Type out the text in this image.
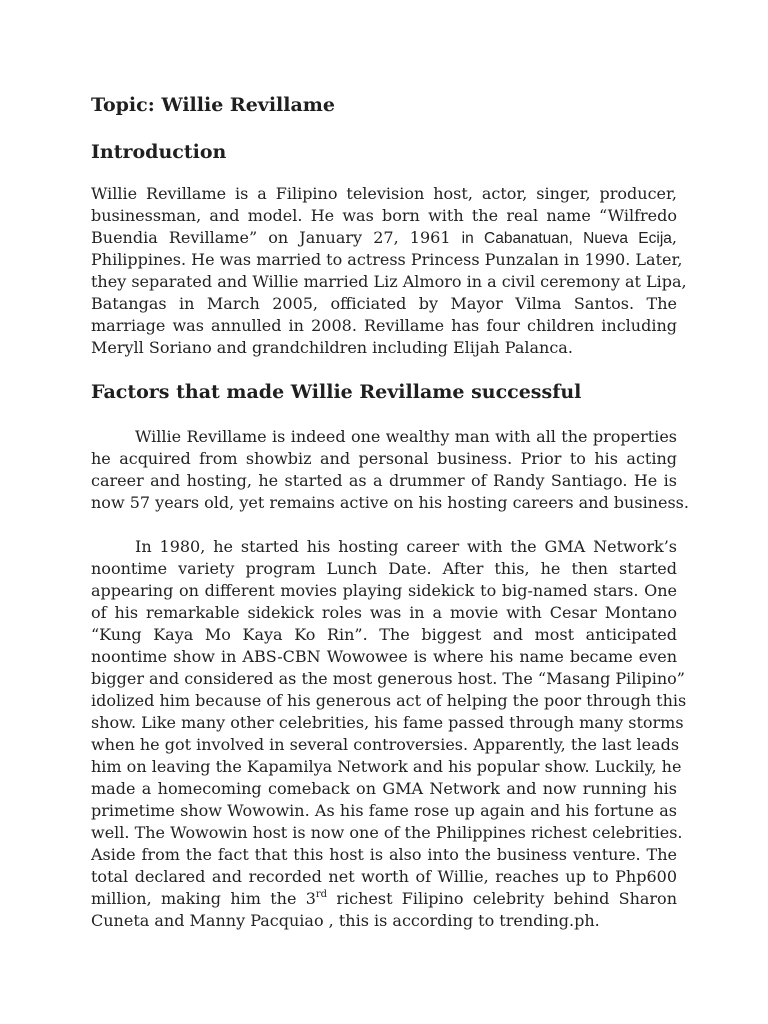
Topic: Willie Revillame
Introduction

Willie Revillame is a Filipino television host, actor, singer, producer,
businessman, and model. He was born with the real name “Wilfredo
Buendia Revillame” on January 27, 1961 in Cabanatuan, Nueva Ecija,
Philippines. He was married to actress Princess Punzalan in 1990. Later,
they separated and Willie married Liz Almoro in a civil ceremony at Lipa,
Batangas in March 2005, officiated by Mayor Vilma Santos. The
marriage was annulled in 2008. Revillame has four children including
Meryll Soriano and grandchildren including Elijah Palanca.

Factors that made Willie Revillame successful

Willie Revillame is indeed one wealthy man with all the properties
he acquired from showbiz and personal business. Prior to his acting
career and hosting, he started as a drummer of Randy Santiago. He is
now 57 years old, yet remains active on his hosting careers and business.

In 1980, he started his hosting career with the GMA Network’s
noontime variety program Lunch Date. After this, he then started
appearing on different movies playing sidekick to big-named stars. One
of his remarkable sidekick roles was in a movie with Cesar Montano
“Kung Kaya Mo Kaya Ko Rin”. The biggest and most anticipated
noontime show in ABS-CBN Wowowee is where his name became even
bigger and considered as the most generous host. The “Masang Pilipino”
idolized him because of his generous act of helping the poor through this
show. Like many other celebrities, his fame passed through many storms
when he got involved in several controversies. Apparently, the last leads
him on leaving the Kapamilya Network and his popular show. Luckily, he
made a homecoming comeback on GMA Network and now running his
primetime show Wowowin. As his fame rose up again and his fortune as
well. The Wowowin host is now one of the Philippines richest celebrities.
Aside from the fact that this host is also into the business venture. The
total declared and recorded net worth of Willie, reaches up to Php600
million, making him the 3rd richest Filipino celebrity behind Sharon
Cuneta and Manny Pacquiao , this is according to trending.ph.
